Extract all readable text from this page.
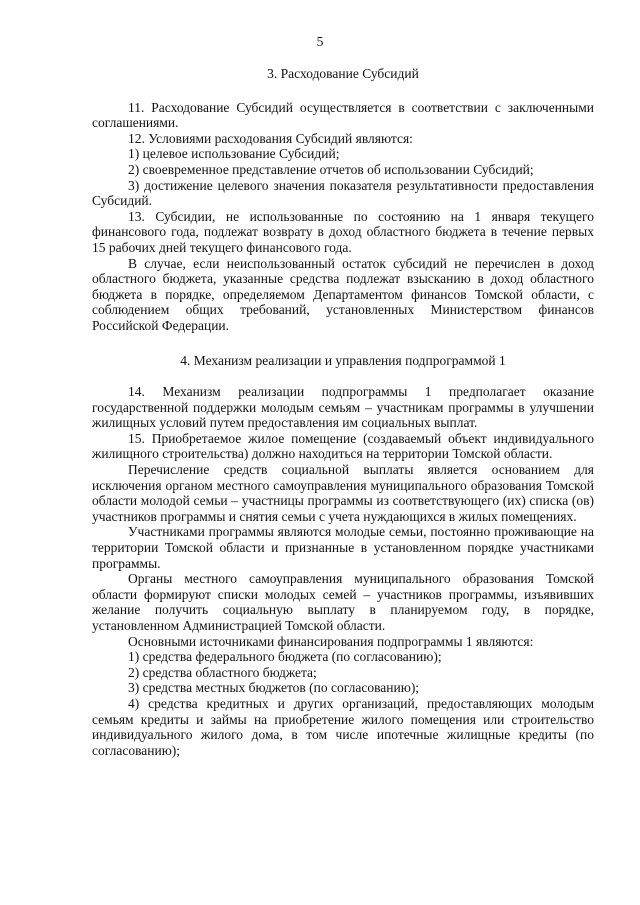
5

3. Расходование Субсидий

11. Расходование Субсидий осуществляется в соответствии с заключенными соглашениями.

12. Условиями расходования Субсидий являются:

1) целевое использование Субсидий;

2) своевременное представление отчетов об использовании Субсидий;

3) достижение целевого значения показателя результативности предоставления Субсидий.

13. Субсидии, не использованные по состоянию на 1 января текущего финансового года, подлежат возврату в доход областного бюджета в течение первых 15 рабочих дней текущего финансового года.

В случае, если неиспользованный остаток субсидий не перечислен в доход областного бюджета, указанные средства подлежат взысканию в доход областного бюджета в порядке, определяемом Департаментом финансов Томской области, с соблюдением общих требований, установленных Министерством финансов Российской Федерации.

4. Механизм реализации и управления подпрограммой 1

14. Механизм реализации подпрограммы 1 предполагает оказание государственной поддержки молодым семьям – участникам программы в улучшении жилищных условий путем предоставления им социальных выплат.

15. Приобретаемое жилое помещение (создаваемый объект индивидуального жилищного строительства) должно находиться на территории Томской области.

Перечисление средств социальной выплаты является основанием для исключения органом местного самоуправления муниципального образования Томской области молодой семьи – участницы программы из соответствующего (их) списка (ов) участников программы и снятия семьи с учета нуждающихся в жилых помещениях.

Участниками программы являются молодые семьи, постоянно проживающие на территории Томской области и признанные в установленном порядке участниками программы.

Органы местного самоуправления муниципального образования Томской области формируют списки молодых семей – участников программы, изъявивших желание получить социальную выплату в планируемом году, в порядке, установленном Администрацией Томской области.

Основными источниками финансирования подпрограммы 1 являются:

1) средства федерального бюджета (по согласованию);

2) средства областного бюджета;

3) средства местных бюджетов (по согласованию);

4) средства кредитных и других организаций, предоставляющих молодым семьям кредиты и займы на приобретение жилого помещения или строительство индивидуального жилого дома, в том числе ипотечные жилищные кредиты (по согласованию);
